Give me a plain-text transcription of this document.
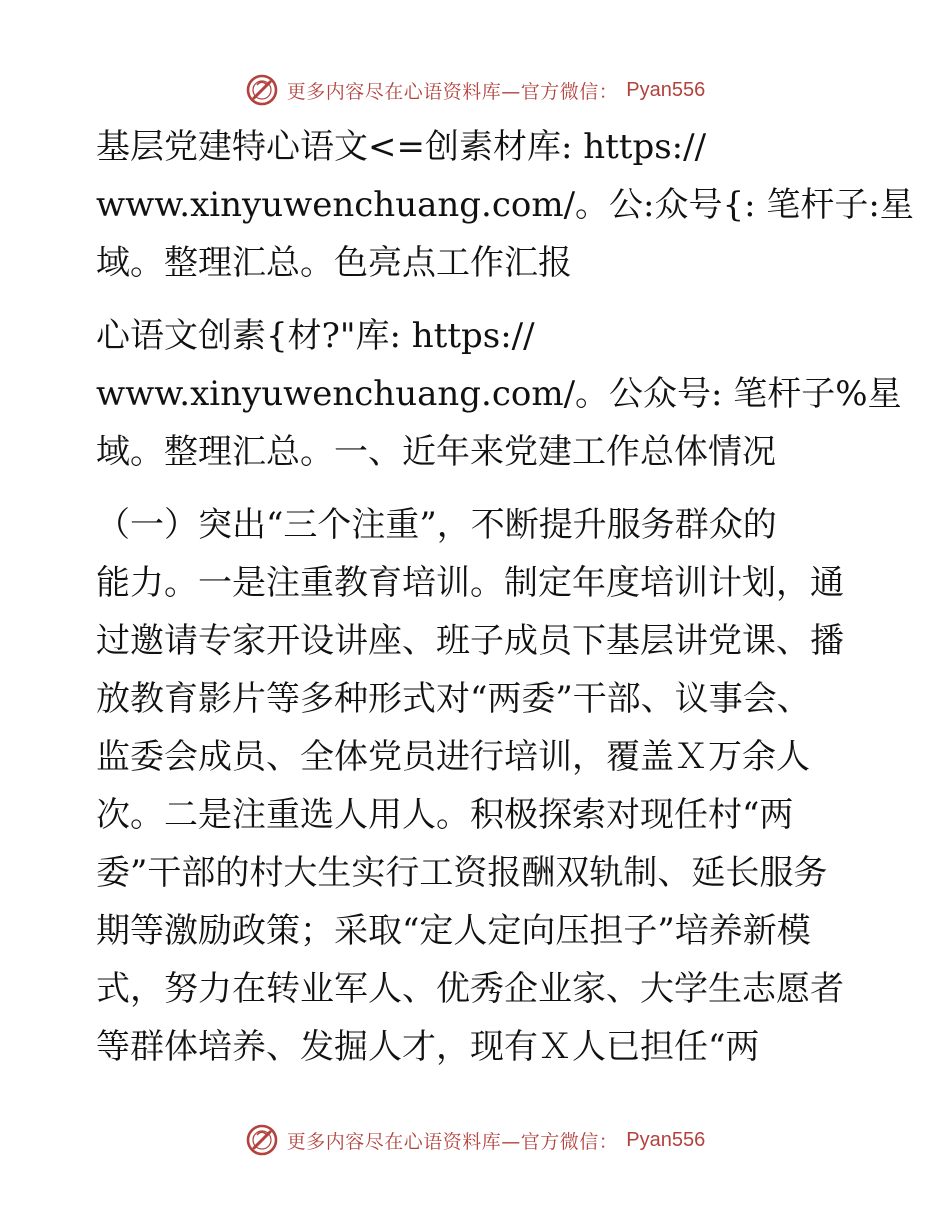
更多内容尽在心语资料库—官方微信： Pyan556
基层党建特心语文<=创素材库: https://
www.xinyuwenchuang.com/。公:众号{: 笔杆子:星
域。整理汇总。色亮点工作汇报
心语文创素{材?"库: https://
www.xinyuwenchuang.com/。公众号: 笔杆子%星
域。整理汇总。一、近年来党建工作总体情况
（一）突出“三个注重”，不断提升服务群众的
能力。一是注重教育培训。制定年度培训计划，通
过邀请专家开设讲座、班子成员下基层讲党课、播
放教育影片等多种形式对“两委”干部、议事会、
监委会成员、全体党员进行培训，覆盖Ｘ万余人
次。二是注重选人用人。积极探索对现任村“两
委”干部的村大生实行工资报酬双轨制、延长服务
期等激励政策；采取“定人定向压担子”培养新模
式，努力在转业军人、优秀企业家、大学生志愿者
等群体培养、发掘人才，现有Ｘ人已担任“两
更多内容尽在心语资料库—官方微信： Pyan556
